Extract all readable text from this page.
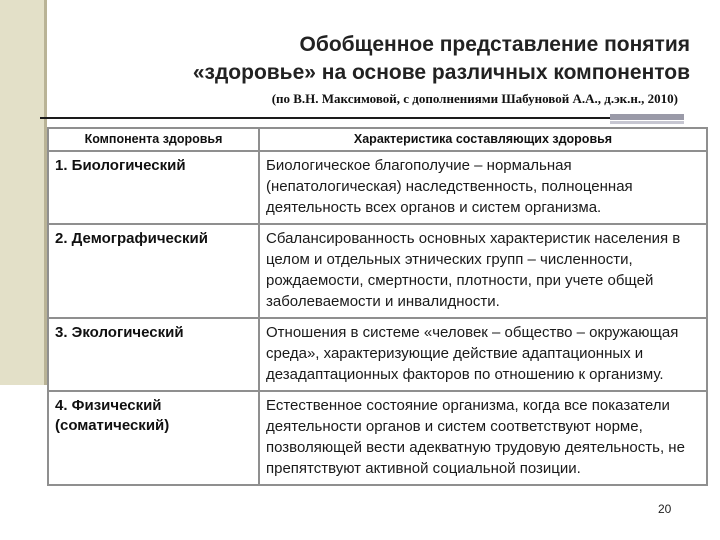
Обобщенное представление понятия
«здоровье» на основе различных компонентов
(по В.Н. Максимовой, с дополнениями Шабуновой А.А., д.эк.н., 2010)
Компонента здоровья	Характеристика составляющих здоровья
1. Биологический	Биологическое благополучие – нормальная (непатологическая) наследственность, полноценная деятельность всех органов и систем организма.
2. Демографический	Сбалансированность основных характеристик населения в целом и отдельных этнических групп – численности, рождаемости, смертности, плотности, при учете общей заболеваемости и инвалидности.
3. Экологический	Отношения в системе «человек – общество – окружающая среда», характеризующие действие адаптационных и дезадаптационных факторов по отношению к организму.
4. Физический (соматический)	Естественное состояние организма, когда все показатели деятельности органов и систем соответствуют норме, позволяющей вести адекватную трудовую деятельность, не препятствуют активной социальной позиции.
20
